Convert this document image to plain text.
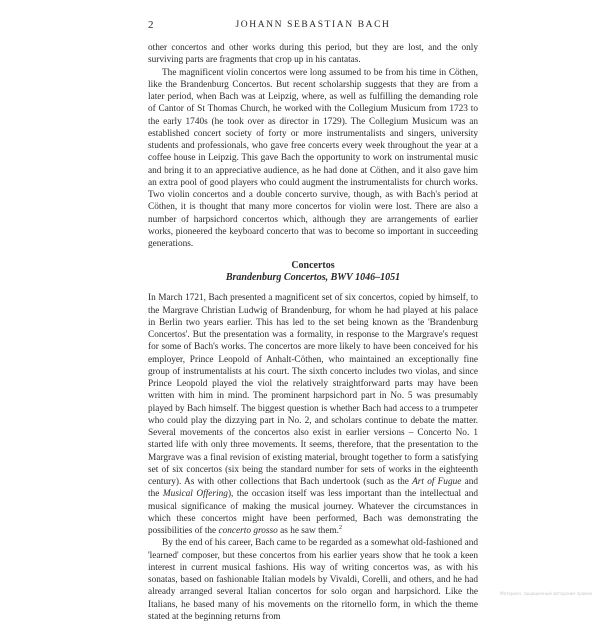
2	JOHANN SEBASTIAN BACH

other concertos and other works during this period, but they are lost, and the only surviving parts are fragments that crop up in his cantatas.

The magnificent violin concertos were long assumed to be from his time in Cöthen, like the Brandenburg Concertos. But recent scholarship suggests that they are from a later period, when Bach was at Leipzig, where, as well as fulfilling the demanding role of Cantor of St Thomas Church, he worked with the Collegium Musicum from 1723 to the early 1740s (he took over as director in 1729). The Collegium Musicum was an established concert society of forty or more instrumentalists and singers, university students and professionals, who gave free concerts every week throughout the year at a coffee house in Leipzig. This gave Bach the opportunity to work on instrumental music and bring it to an appreciative audience, as he had done at Cöthen, and it also gave him an extra pool of good players who could augment the instrumentalists for church works. Two violin concertos and a double concerto survive, though, as with Bach's period at Cöthen, it is thought that many more concertos for violin were lost. There are also a number of harpsichord concertos which, although they are arrangements of earlier works, pioneered the keyboard concerto that was to become so important in succeeding generations.

Concertos
Brandenburg Concertos, BWV 1046–1051

In March 1721, Bach presented a magnificent set of six concertos, copied by himself, to the Margrave Christian Ludwig of Brandenburg, for whom he had played at his palace in Berlin two years earlier. This has led to the set being known as the 'Brandenburg Concertos'. But the presentation was a formality, in response to the Margrave's request for some of Bach's works. The concertos are more likely to have been conceived for his employer, Prince Leopold of Anhalt-Cöthen, who maintained an exceptionally fine group of instrumentalists at his court. The sixth concerto includes two violas, and since Prince Leopold played the viol the relatively straightforward parts may have been written with him in mind. The prominent harpsichord part in No. 5 was presumably played by Bach himself. The biggest question is whether Bach had access to a trumpeter who could play the dizzying part in No. 2, and scholars continue to debate the matter. Several movements of the concertos also exist in earlier versions – Concerto No. 1 started life with only three movements. It seems, therefore, that the presentation to the Margrave was a final revision of existing material, brought together to form a satisfying set of six concertos (six being the standard number for sets of works in the eighteenth century). As with other collections that Bach undertook (such as the Art of Fugue and the Musical Offering), the occasion itself was less important than the intellectual and musical significance of making the musical journey. Whatever the circumstances in which these concertos might have been performed, Bach was demonstrating the possibilities of the concerto grosso as he saw them.$^2$

By the end of his career, Bach came to be regarded as a somewhat old-fashioned and 'learned' composer, but these concertos from his earlier years show that he took a keen interest in current musical fashions. His way of writing concertos was, as with his sonatas, based on fashionable Italian models by Vivaldi, Corelli, and others, and he had already arranged several Italian concertos for solo organ and harpsichord. Like the Italians, he based many of his movements on the ritornello form, in which the theme stated at the beginning returns from

Материал, защищенный авторским правом
